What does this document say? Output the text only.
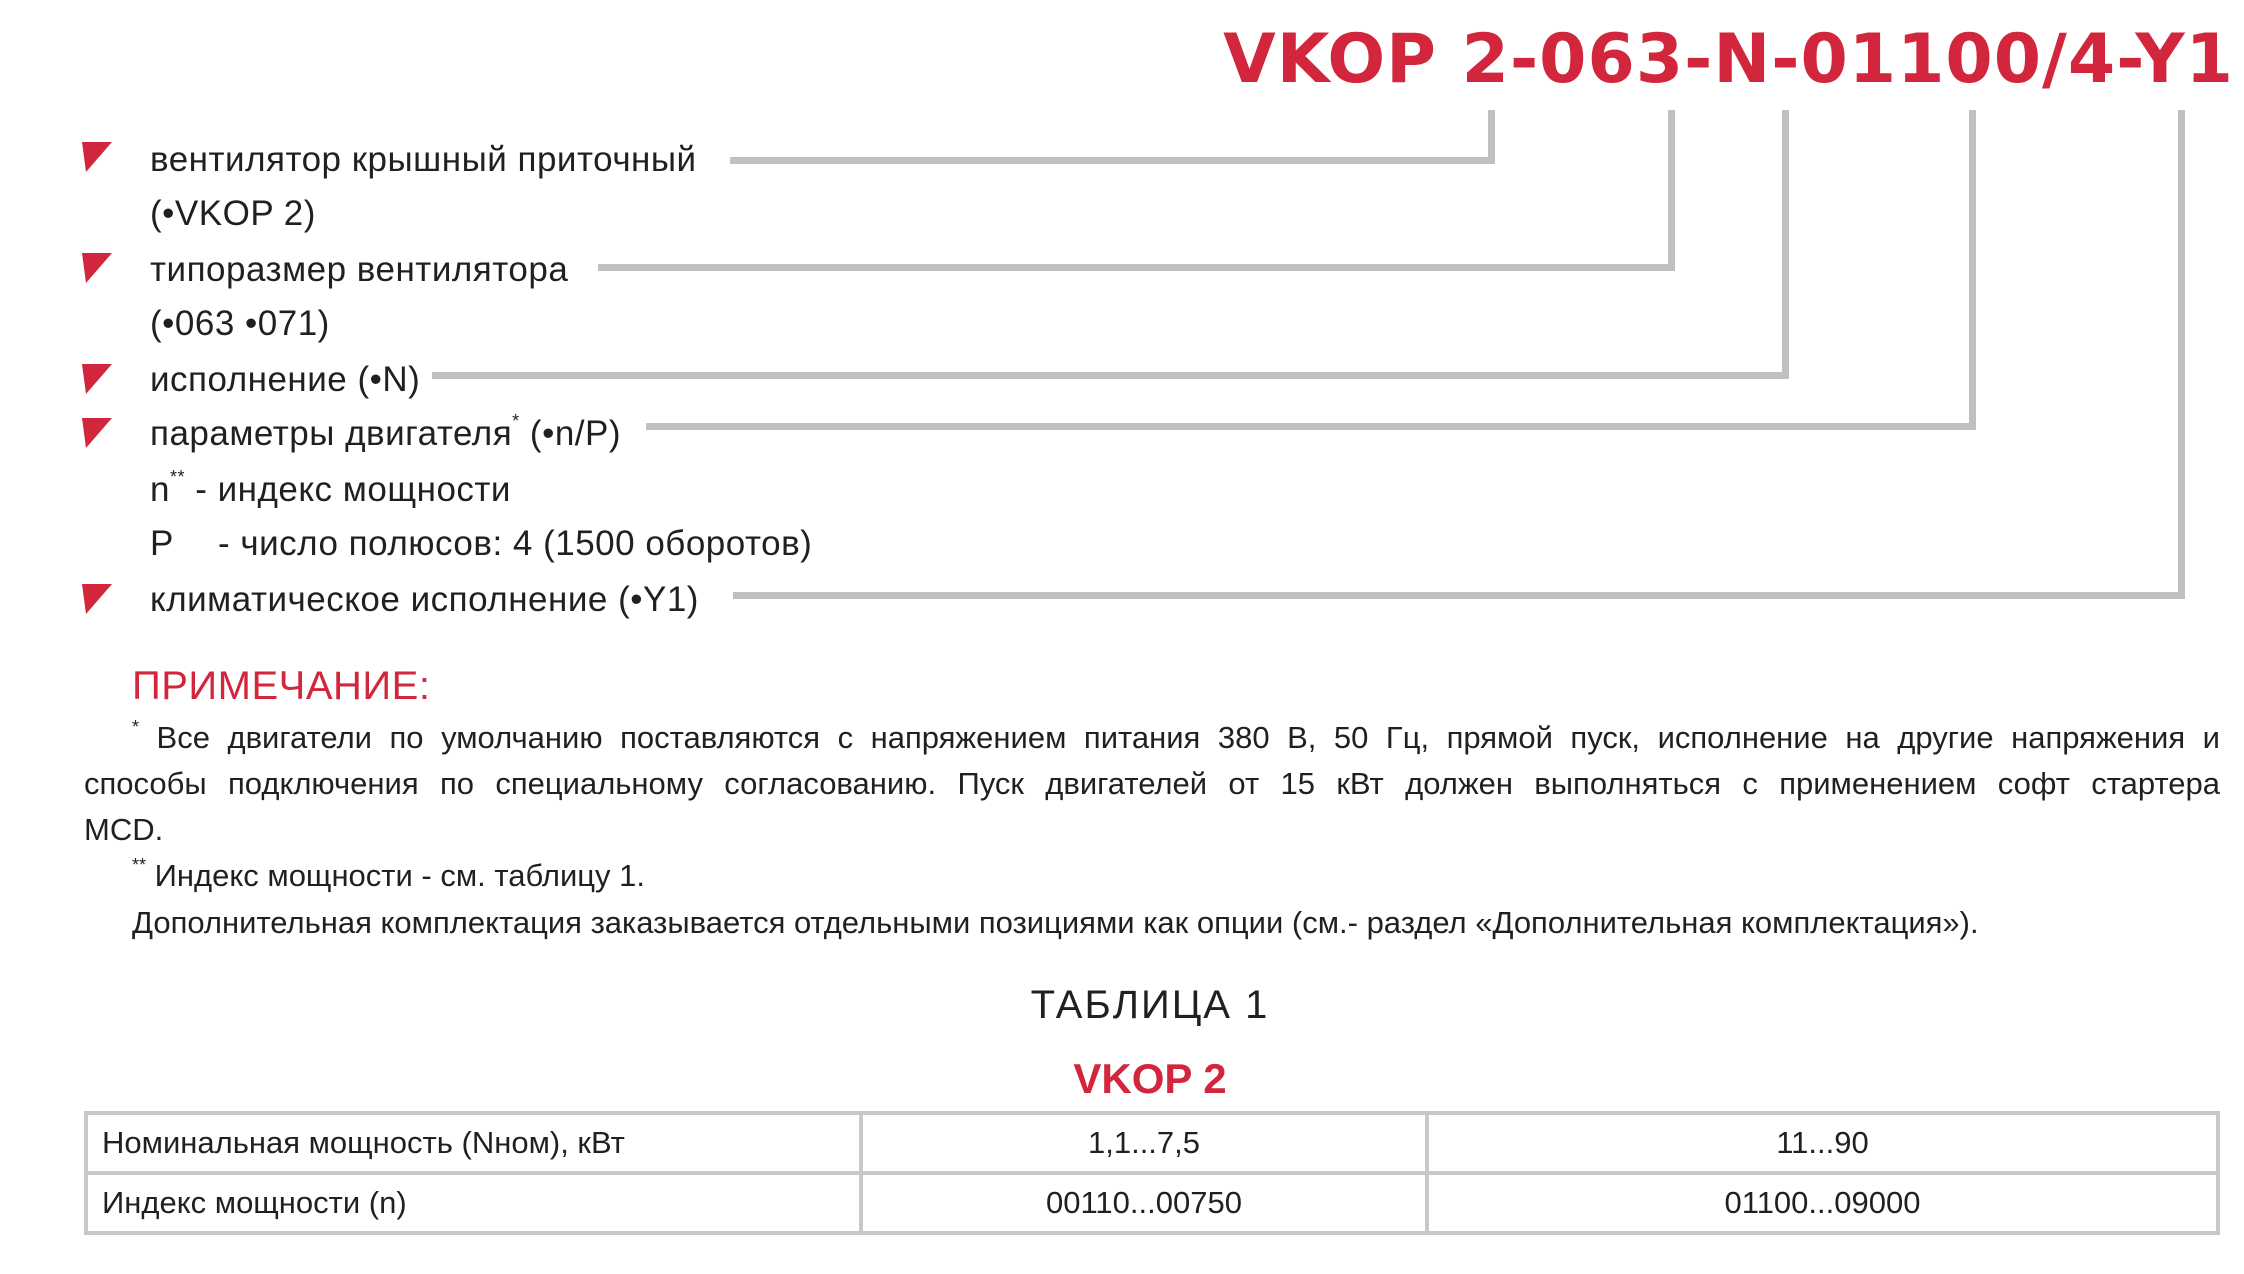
VKOP 2-063-N-01100/4-Y1
вентилятор крышный приточный
(•VKOP 2)
типоразмер вентилятора
(•063 •071)
исполнение (•N)
параметры двигателя* (•n/P)
n** - индекс мощности
P - число полюсов: 4 (1500 оборотов)
климатическое исполнение (•Y1)
ПРИМЕЧАНИЕ:
* Все двигатели по умолчанию поставляются с напряжением питания 380 В, 50 Гц, прямой пуск, исполнение на другие напряжения и
способы подключения по специальному согласованию. Пуск двигателей от 15 кВт должен выполняться с применением софт стартера
MCD.
** Индекс мощности - см. таблицу 1.
Дополнительная комплектация заказывается отдельными позициями как опции (см.- раздел «Дополнительная комплектация»).
ТАБЛИЦА 1
VKOP 2
Номинальная мощность (Nном), кВт	1,1...7,5	11...90
Индекс мощности (n)	00110...00750	01100...09000
